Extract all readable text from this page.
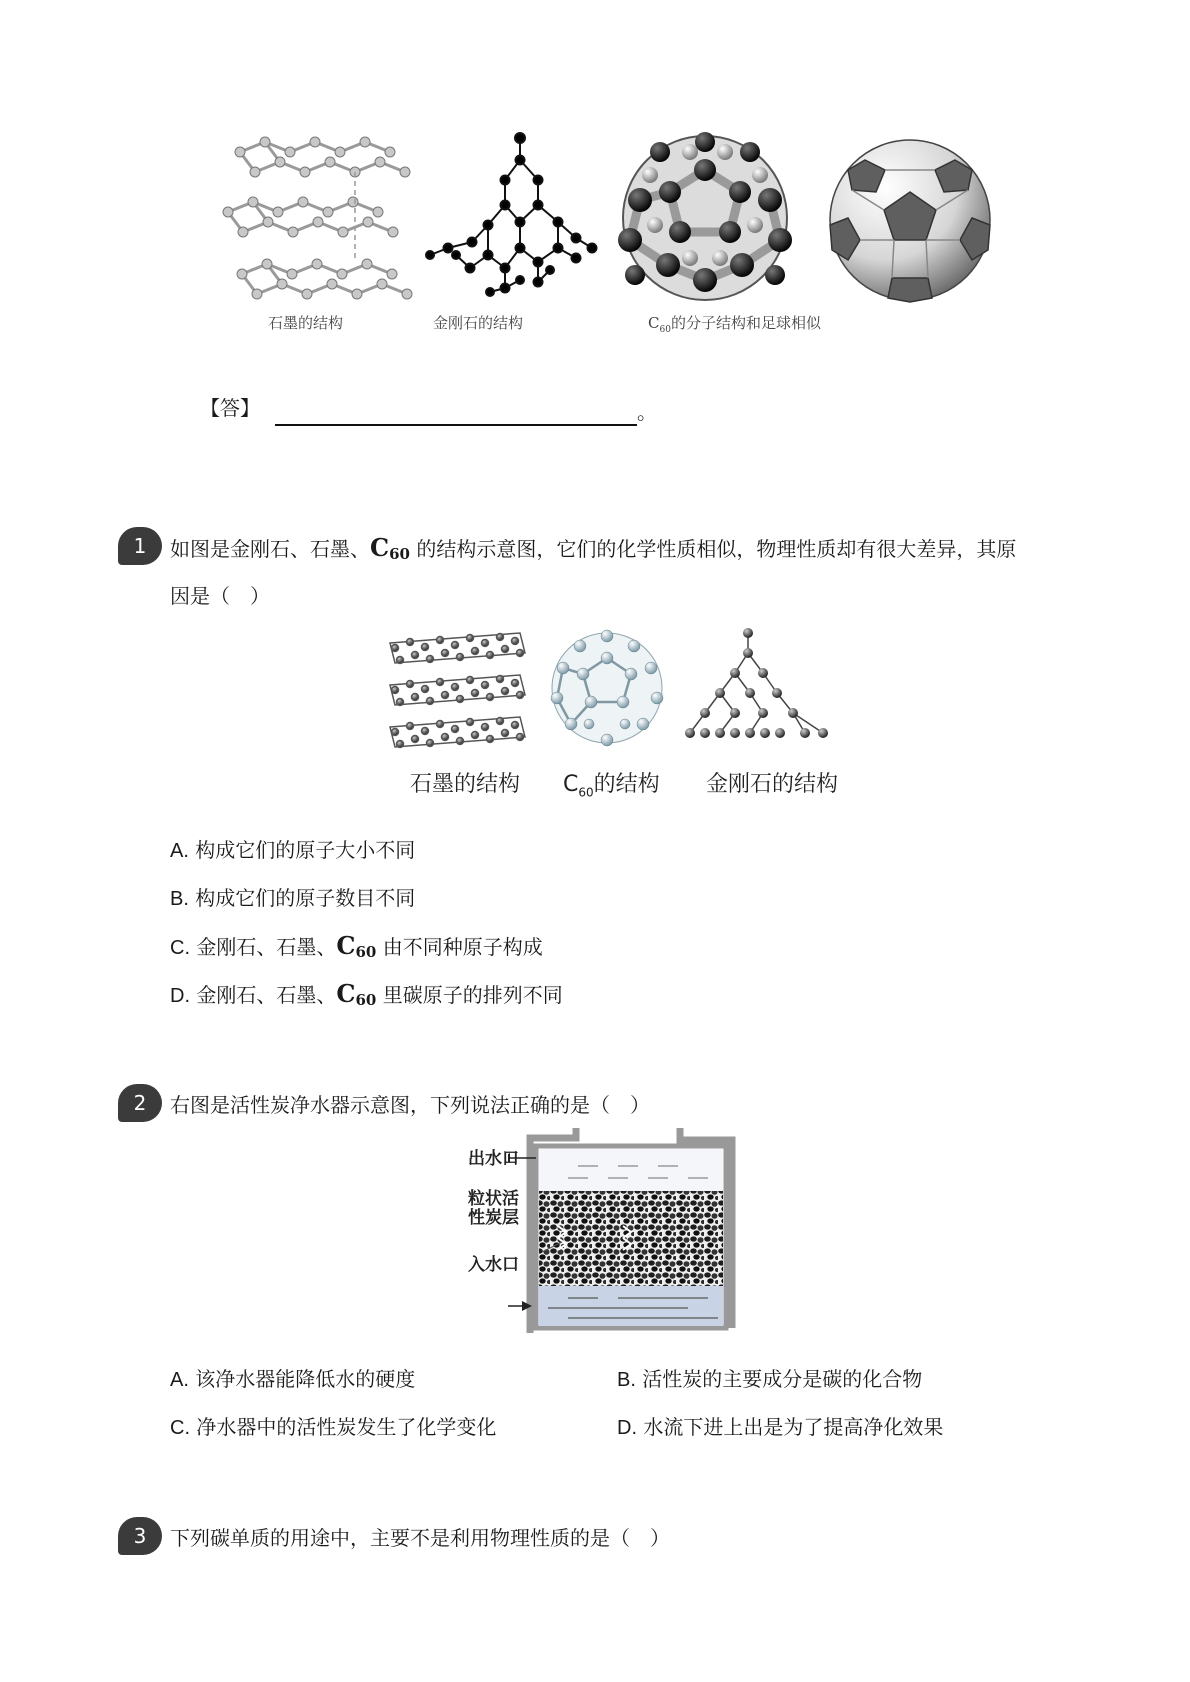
石墨的结构	金刚石的结构	$C_{60}$的分子结构和足球相似
【答】	。
1	如图是金刚石、石墨、$C_{60}$ 的结构示意图，它们的化学性质相似，物理性质却有很大差异，其原
因是（　）
石墨的结构 $C_{60}$的结构 金刚石的结构
A. 构成它们的原子大小不同
B. 构成它们的原子数目不同
C. 金刚石、石墨、$C_{60}$ 由不同种原子构成
D. 金刚石、石墨、$C_{60}$ 里碳原子的排列不同
2	右图是活性炭净水器示意图，下列说法正确的是（　）
出水口
粒状活
性炭层
入水口
A. 该净水器能降低水的硬度	B. 活性炭的主要成分是碳的化合物
C. 净水器中的活性炭发生了化学变化	D. 水流下进上出是为了提高净化效果
3	下列碳单质的用途中，主要不是利用物理性质的是（　）
